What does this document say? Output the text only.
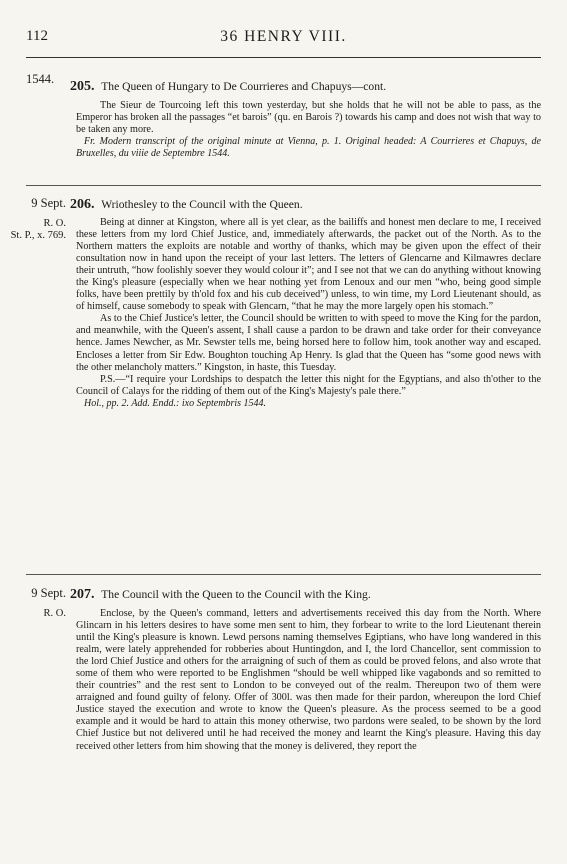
112	36 HENRY VIII.
1544.	205. The Queen of Hungary to De Courrieres and Chapuys—cont.

The Sieur de Tourcoing left this town yesterday, but she holds that he will not be able to pass, as the Emperor has broken all the passages “et barois” (qu. en Barois ?) towards his camp and does not wish that way to be taken any more.

Fr. Modern transcript of the original minute at Vienna, p. 1. Original headed: A Courrieres et Chapuys, de Bruxelles, du viiie de Septembre 1544.

9 Sept.
R. O.
St. P., x. 769.
206. Wriothesley to the Council with the Queen.

Being at dinner at Kingston, where all is yet clear, as the bailiffs and honest men declare to me, I received these letters from my lord Chief Justice, and, immediately afterwards, the packet out of the North. As to the Northern matters the exploits are notable and worthy of thanks, which may be given upon the effect of their consultation now in hand upon the receipt of your last letters. The letters of Glencarne and Kilmawres declare their untruth, “how foolishly soever they would colour it”; and I see not that we can do anything without knowing the King's pleasure (especially when we hear nothing yet from Lenoux and our men “who, being good simple folks, have been prettily by th'old fox and his cub deceived”) unless, to win time, my Lord Lieutenant should, as of himself, cause somebody to speak with Glencarn, “that he may the more largely open his stomach.”

As to the Chief Justice's letter, the Council should be written to with speed to move the King for the pardon, and meanwhile, with the Queen's assent, I shall cause a pardon to be drawn and take order for their conveyance hence. James Newcher, as Mr. Sewster tells me, being horsed here to follow him, took another way and escaped. Encloses a letter from Sir Edw. Boughton touching Ap Henry. Is glad that the Queen has “some good news with the other melancholy matters.” Kingston, in haste, this Tuesday.

P.S.—“I require your Lordships to despatch the letter this night for the Egyptians, and also th'other to the Council of Calays for the ridding of them out of the King's Majesty's pale there.”

Hol., pp. 2. Add. Endd.: ixo Septembris 1544.

9 Sept.
R. O.
207. The Council with the Queen to the Council with the King.

Enclose, by the Queen's command, letters and advertisements received this day from the North. Where Glincarn in his letters desires to have some men sent to him, they forbear to write to the lord Lieutenant therein until the King's pleasure is known. Lewd persons naming themselves Egiptians, who have long wandered in this realm, were lately apprehended for robberies about Huntingdon, and I, the lord Chancellor, sent commission to the lord Chief Justice and others for the arraigning of such of them as could be proved felons, and also wrote that some of them who were reported to be Englishmen “should be well whipped like vagabonds and so remitted to their countries” and the rest sent to London to be conveyed out of the realm. Thereupon two of them were arraigned and found guilty of felony. Offer of 300l. was then made for their pardon, whereupon the lord Chief Justice stayed the execution and wrote to know the Queen's pleasure. As the process seemed to be a good example and it would be hard to attain this money otherwise, two pardons were sealed, to be shown by the lord Chief Justice but not delivered until he had received the money and learnt the King's pleasure. Having this day received other letters from him showing that the money is delivered, they report the
